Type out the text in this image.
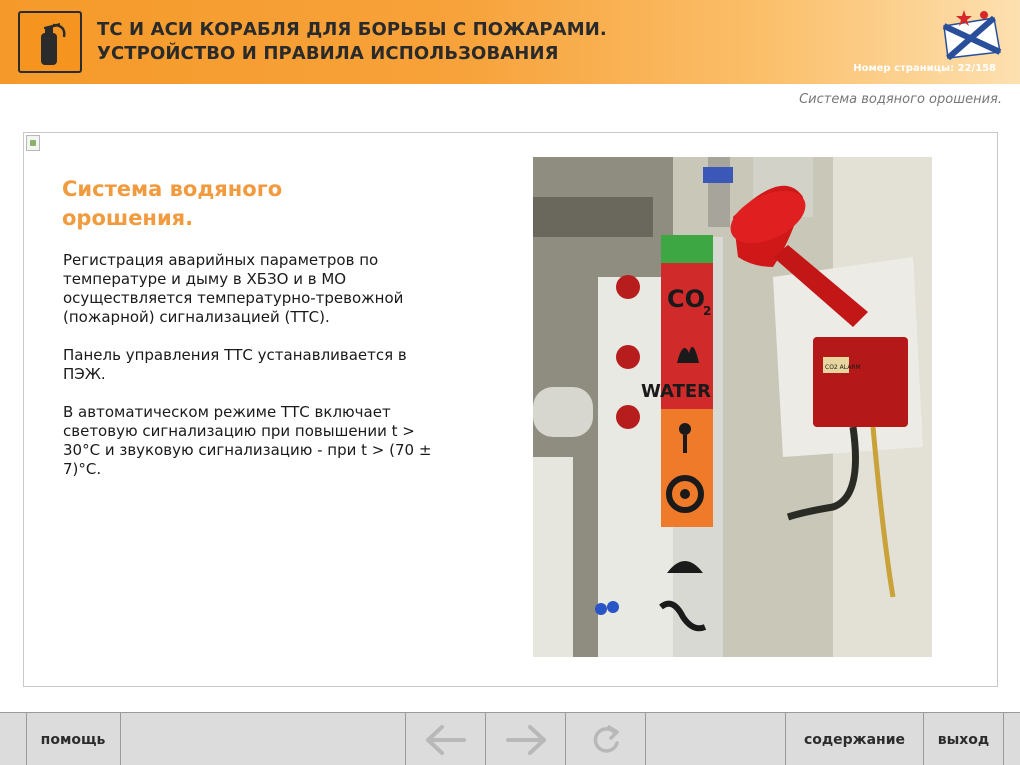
ТС И АСИ КОРАБЛЯ ДЛЯ БОРЬБЫ С ПОЖАРАМИ.
УСТРОЙСТВО И ПРАВИЛА ИСПОЛЬЗОВАНИЯ
Номер страницы: 22/158
Система водяного орошения.
Система водяного орошения.

Регистрация аварийных параметров по температуре и дыму в ХБЗО и в МО осуществляется температурно-тревожной (пожарной) сигнализацией (ТТС).

Панель управления ТТС устанавливается в ПЭЖ.

В автоматическом режиме ТТС включает световую сигнализацию при повышении t > 30°С и звуковую сигнализацию - при t > (70 ± 7)°С.

CO
2
WATER
CO2 ALARM
помощь	содержание выход
